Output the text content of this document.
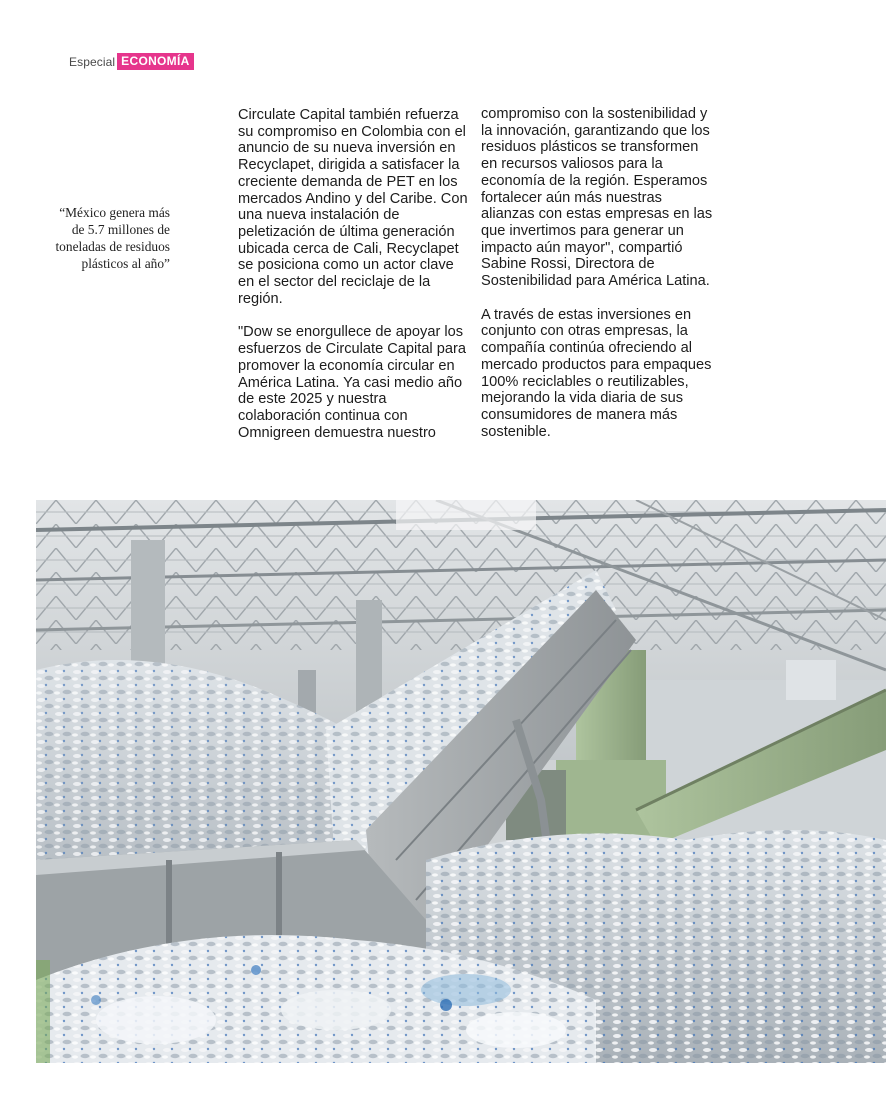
Especial ECONOMÍA
“México genera más
de 5.7 millones de
toneladas de residuos
plásticos al año”

Circulate Capital también refuerza
su compromiso en Colombia con el
anuncio de su nueva inversión en
Recyclapet, dirigida a satisfacer la
creciente demanda de PET en los
mercados Andino y del Caribe. Con
una nueva instalación de
peletización de última generación
ubicada cerca de Cali, Recyclapet
se posiciona como un actor clave
en el sector del reciclaje de la
región.

"Dow se enorgullece de apoyar los
esfuerzos de Circulate Capital para
promover la economía circular en
América Latina. Ya casi medio año
de este 2025 y nuestra
colaboración continua con
Omnigreen demuestra nuestro

compromiso con la sostenibilidad y
la innovación, garantizando que los
residuos plásticos se transformen
en recursos valiosos para la
economía de la región. Esperamos
fortalecer aún más nuestras
alianzas con estas empresas en las
que invertimos para generar un
impacto aún mayor", compartió
Sabine Rossi, Directora de
Sostenibilidad para América Latina.

A través de estas inversiones en
conjunto con otras empresas, la
compañía continúa ofreciendo al
mercado productos para empaques
100% reciclables o reutilizables,
mejorando la vida diaria de sus
consumidores de manera más
sostenible.
